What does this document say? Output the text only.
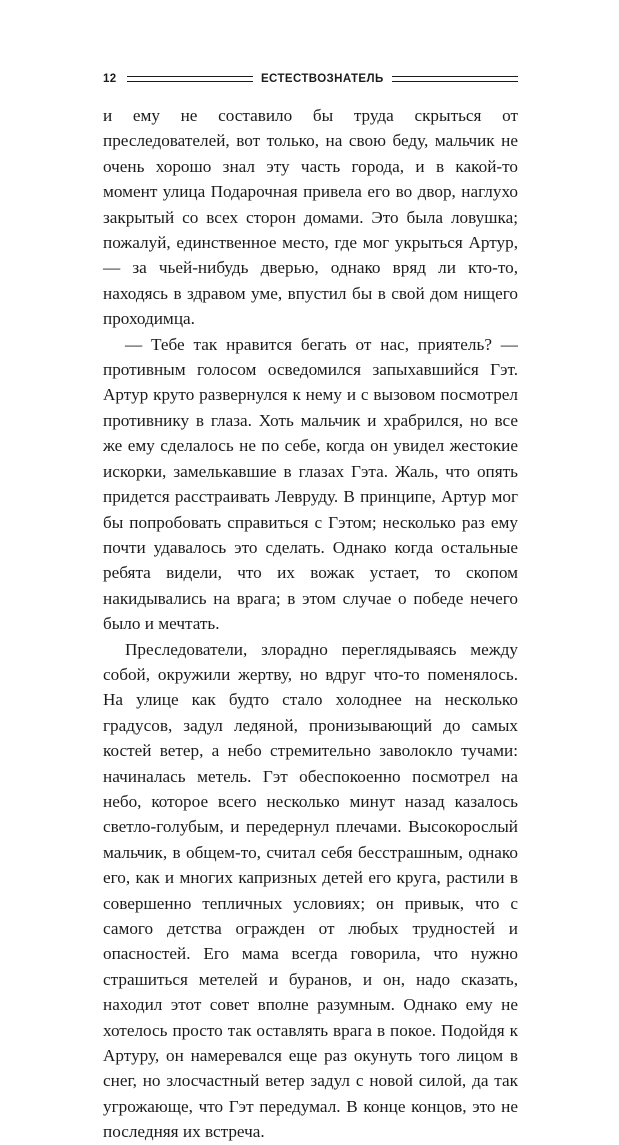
12	ЕСТЕСТВОЗНАТЕЛЬ

и ему не составило бы труда скрыться от преследователей, вот только, на свою беду, мальчик не очень хорошо знал эту часть города, и в какой-то момент улица Подарочная привела его во двор, наглухо закрытый со всех сторон домами. Это была ловушка; пожалуй, единственное место, где мог укрыться Артур, — за чьей-нибудь дверью, однако вряд ли кто-то, находясь в здравом уме, впустил бы в свой дом нищего проходимца.

— Тебе так нравится бегать от нас, приятель? — противным голосом осведомился запыхавшийся Гэт. Артур круто развернулся к нему и с вызовом посмотрел противнику в глаза. Хоть мальчик и храбрился, но все же ему сделалось не по себе, когда он увидел жестокие искорки, замелькавшие в глазах Гэта. Жаль, что опять придется расстраивать Левруду. В принципе, Артур мог бы попробовать справиться с Гэтом; несколько раз ему почти удавалось это сделать. Однако когда остальные ребята видели, что их вожак устает, то скопом накидывались на врага; в этом случае о победе нечего было и мечтать.

Преследователи, злорадно переглядываясь между собой, окружили жертву, но вдруг что-то поменялось. На улице как будто стало холоднее на несколько градусов, задул ледяной, пронизывающий до самых костей ветер, а небо стремительно заволокло тучами: начиналась метель. Гэт обеспокоенно посмотрел на небо, которое всего несколько минут назад казалось светло-голубым, и передернул плечами. Высокорослый мальчик, в общем-то, считал себя бесстрашным, однако его, как и многих капризных детей его круга, растили в совершенно тепличных условиях; он привык, что с самого детства огражден от любых трудностей и опасностей. Его мама всегда говорила, что нужно страшиться метелей и буранов, и он, надо сказать, находил этот совет вполне разумным. Однако ему не хотелось просто так оставлять врага в покое. Подойдя к Артуру, он намеревался еще раз окунуть того лицом в снег, но злосчастный ветер задул с новой силой, да так угрожающе, что Гэт передумал. В конце концов, это не последняя их встреча.
